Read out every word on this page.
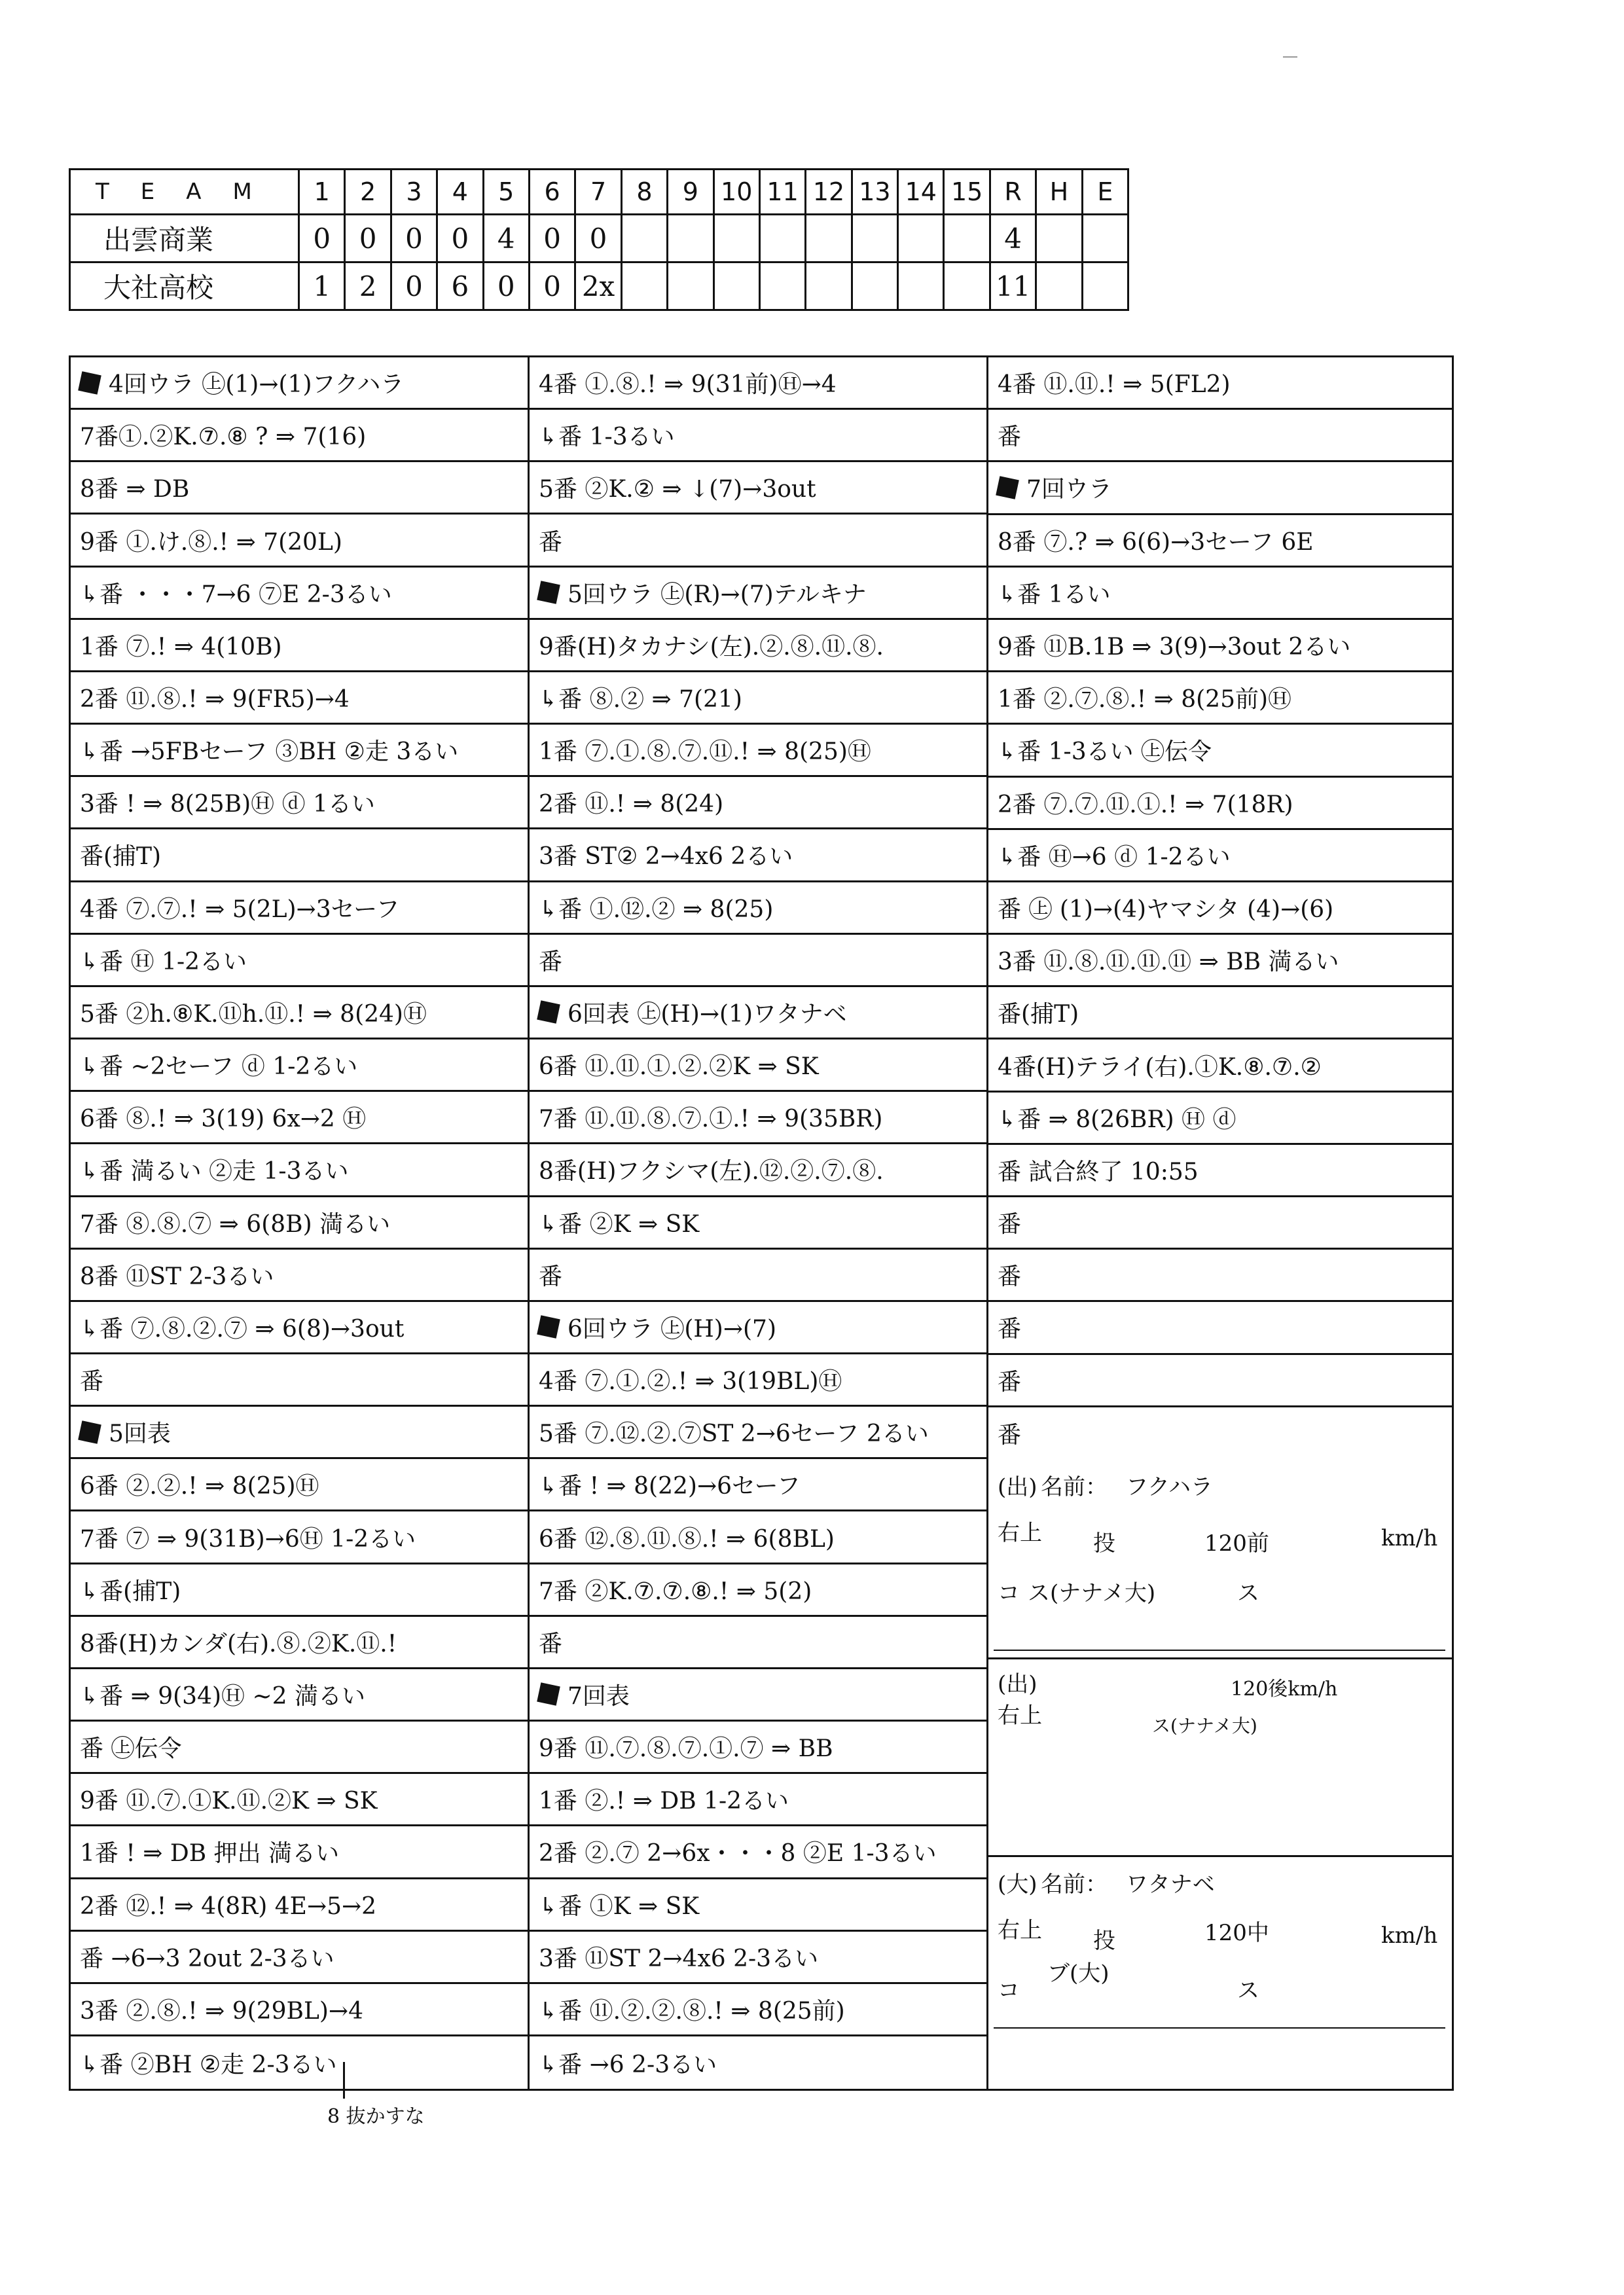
TEAM	1	2	3	4	5	6	7	8	9	10	11	12	13	14	15	R	H	E
出雲商業	0	0	0	0	4	0	0									4		
大社高校	1	2	0	6	0	0	2x									11		
4回ウラ ㊤(1)→(1)フクハラ
7番①.②K.⑦.⑧ ? ⇒ 7(16)
8番 ⇒ DB
9番 ①.け.⑧.! ⇒ 7(20L)
↳番 ・・・7→6 ⑦E 2-3るい
1番 ⑦.! ⇒ 4(10B)
2番 ⑪.⑧.! ⇒ 9(FR5)→4
↳番 →5FBセーフ ③BH ②走 3るい
3番 ! ⇒ 8(25B)Ⓗ ⓓ 1るい
番(捕T)
4番 ⑦.⑦.! ⇒ 5(2L)→3セーフ
↳番 Ⓗ 1-2るい
5番 ②h.⑧K.⑪h.⑪.! ⇒ 8(24)Ⓗ
↳番 ~2セーフ ⓓ 1-2るい
6番 ⑧.! ⇒ 3(19) 6x→2 Ⓗ
↳番 満るい ②走 1-3るい
7番 ⑧.⑧.⑦ ⇒ 6(8B) 満るい
8番 ⑪ST 2-3るい
↳番 ⑦.⑧.②.⑦ ⇒ 6(8)→3out
番
5回表
6番 ②.②.! ⇒ 8(25)Ⓗ
7番 ⑦ ⇒ 9(31B)→6Ⓗ 1-2るい
↳番(捕T)
8番(H)カンダ(右).⑧.②K.⑪.!
↳番 ⇒ 9(34)Ⓗ ~2 満るい
番 ㊤伝令
9番 ⑪.⑦.①K.⑪.②K ⇒ SK
1番 ! ⇒ DB 押出 満るい
2番 ⑫.! ⇒ 4(8R) 4E→5→2
番 →6→3 2out 2-3るい
3番 ②.⑧.! ⇒ 9(29BL)→4
↳番 ②BH ②走 2-3るい
4番 ①.⑧.! ⇒ 9(31前)Ⓗ→4
↳番 1-3るい
5番 ②K.② ⇒ ↓(7)→3out
番
5回ウラ ㊤(R)→(7)テルキナ
9番(H)タカナシ(左).②.⑧.⑪.⑧.
↳番 ⑧.② ⇒ 7(21)
1番 ⑦.①.⑧.⑦.⑪.! ⇒ 8(25)Ⓗ
2番 ⑪.! ⇒ 8(24)
3番 ST② 2→4x6 2るい
↳番 ①.⑫.② ⇒ 8(25)
番
6回表 ㊤(H)→(1)ワタナベ
6番 ⑪.⑪.①.②.②K ⇒ SK
7番 ⑪.⑪.⑧.⑦.①.! ⇒ 9(35BR)
8番(H)フクシマ(左).⑫.②.⑦.⑧.
↳番 ②K ⇒ SK
番
6回ウラ ㊤(H)→(7)
4番 ⑦.①.②.! ⇒ 3(19BL)Ⓗ
5番 ⑦.⑫.②.⑦ST 2→6セーフ 2るい
↳番 ! ⇒ 8(22)→6セーフ
6番 ⑫.⑧.⑪.⑧.! ⇒ 6(8BL)
7番 ②K.⑦.⑦.⑧.! ⇒ 5(2)
番
7回表
9番 ⑪.⑦.⑧.⑦.①.⑦ ⇒ BB
1番 ②.! ⇒ DB 1-2るい
2番 ②.⑦ 2→6x・・・8 ②E 1-3るい
↳番 ①K ⇒ SK
3番 ⑪ST 2→4x6 2-3るい
↳番 ⑪.②.②.⑧.! ⇒ 8(25前)
↳番 →6 2-3るい
4番 ⑪.⑪.! ⇒ 5(FL2)
番
7回ウラ
8番 ⑦.? ⇒ 6(6)→3セーフ 6E
↳番 1るい
9番 ⑪B.1B ⇒ 3(9)→3out 2るい
1番 ②.⑦.⑧.! ⇒ 8(25前)Ⓗ
↳番 1-3るい ㊤伝令
2番 ⑦.⑦.⑪.①.! ⇒ 7(18R)
↳番 Ⓗ→6 ⓓ 1-2るい
番 ㊤ (1)→(4)ヤマシタ (4)→(6)
3番 ⑪.⑧.⑪.⑪.⑪ ⇒ BB 満るい
番(捕T)
4番(H)テライ(右).①K.⑧.⑦.②
↳番 ⇒ 8(26BR) Ⓗ ⓓ
番 試合終了 10:55
番
番
番
番
番
(出) 名前： フクハラ
右上 投	120前	km/h
コ ス(ナナメ大)	ス
(出)
右上
120後km/h
ス(ナナメ大)
(大) 名前： ワタナベ
右上 投	120中	km/h
コ
ブ(大)
ス
8 抜かすな
